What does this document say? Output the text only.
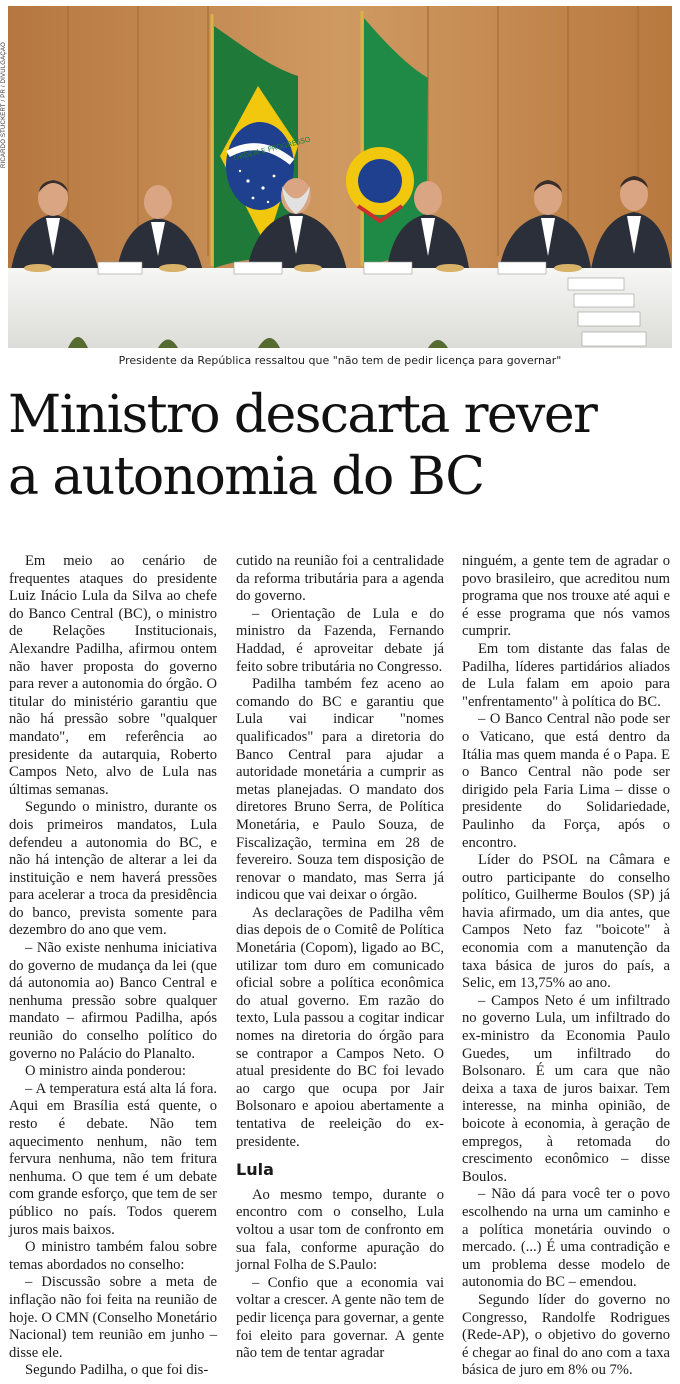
ORDEM E PROGRESSO
RICARDO STUCKERT / PR / DIVULGAÇÃO
Presidente da República ressaltou que "não tem de pedir licença para governar"
Ministro descarta rever
a autonomia do BC

Em meio ao cenário de frequentes ataques do presidente Luiz Inácio Lula da Silva ao chefe do Banco Central (BC), o ministro de Relações Institucionais, Alexandre Padilha, afirmou ontem não haver proposta do governo para rever a autonomia do órgão. O titular do ministério garantiu que não há pressão sobre "qualquer mandato", em referência ao presidente da autarquia, Roberto Campos Neto, alvo de Lula nas últimas semanas.

Segundo o ministro, durante os dois primeiros mandatos, Lula defendeu a autonomia do BC, e não há intenção de alterar a lei da instituição e nem haverá pressões para acelerar a troca da presidência do banco, prevista somente para dezembro do ano que vem.

– Não existe nenhuma iniciativa do governo de mudança da lei (que dá autonomia ao) Banco Central e nenhuma pressão sobre qualquer mandato – afirmou Padilha, após reunião do conselho político do governo no Palácio do Planalto.

O ministro ainda ponderou:

– A temperatura está alta lá fora. Aqui em Brasília está quente, o resto é debate. Não tem aquecimento nenhum, não tem fervura nenhuma, não tem fritura nenhuma. O que tem é um debate com grande esforço, que tem de ser público no país. Todos querem juros mais baixos.

O ministro também falou sobre temas abordados no conselho:

– Discussão sobre a meta de inflação não foi feita na reunião de hoje. O CMN (Conselho Monetário Nacional) tem reunião em junho – disse ele.

Segundo Padilha, o que foi dis-

cutido na reunião foi a centralidade da reforma tributária para a agenda do governo.

– Orientação de Lula e do ministro da Fazenda, Fernando Haddad, é aproveitar debate já feito sobre tributária no Congresso.

Padilha também fez aceno ao comando do BC e garantiu que Lula vai indicar "nomes qualificados" para a diretoria do Banco Central para ajudar a autoridade monetária a cumprir as metas planejadas. O mandato dos diretores Bruno Serra, de Política Monetária, e Paulo Souza, de Fiscalização, termina em 28 de fevereiro. Souza tem disposição de renovar o mandato, mas Serra já indicou que vai deixar o órgão.

As declarações de Padilha vêm dias depois de o Comitê de Política Monetária (Copom), ligado ao BC, utilizar tom duro em comunicado oficial sobre a política econômica do atual governo. Em razão do texto, Lula passou a cogitar indicar nomes na diretoria do órgão para se contrapor a Campos Neto. O atual presidente do BC foi levado ao cargo que ocupa por Jair Bolsonaro e apoiou abertamente a tentativa de reeleição do ex-presidente.

Lula

Ao mesmo tempo, durante o encontro com o conselho, Lula voltou a usar tom de confronto em sua fala, conforme apuração do jornal Folha de S.Paulo:

– Confio que a economia vai voltar a crescer. A gente não tem de pedir licença para governar, a gente foi eleito para governar. A gente não tem de tentar agradar

ninguém, a gente tem de agradar o povo brasileiro, que acreditou num programa que nos trouxe até aqui e é esse programa que nós vamos cumprir.

Em tom distante das falas de Padilha, líderes partidários aliados de Lula falam em apoio para "enfrentamento" à política do BC.

– O Banco Central não pode ser o Vaticano, que está dentro da Itália mas quem manda é o Papa. E o Banco Central não pode ser dirigido pela Faria Lima – disse o presidente do Solidariedade, Paulinho da Força, após o encontro.

Líder do PSOL na Câmara e outro participante do conselho político, Guilherme Boulos (SP) já havia afirmado, um dia antes, que Campos Neto faz "boicote" à economia com a manutenção da taxa básica de juros do país, a Selic, em 13,75% ao ano.

– Campos Neto é um infiltrado no governo Lula, um infiltrado do ex-ministro da Economia Paulo Guedes, um infiltrado do Bolsonaro. É um cara que não deixa a taxa de juros baixar. Tem interesse, na minha opinião, de boicote à economia, à geração de empregos, à retomada do crescimento econômico – disse Boulos.

– Não dá para você ter o povo escolhendo na urna um caminho e a política monetária ouvindo o mercado. (...) É uma contradição e um problema desse modelo de autonomia do BC – emendou.

Segundo líder do governo no Congresso, Randolfe Rodrigues (Rede-AP), o objetivo do governo é chegar ao final do ano com a taxa básica de juro em 8% ou 7%.
